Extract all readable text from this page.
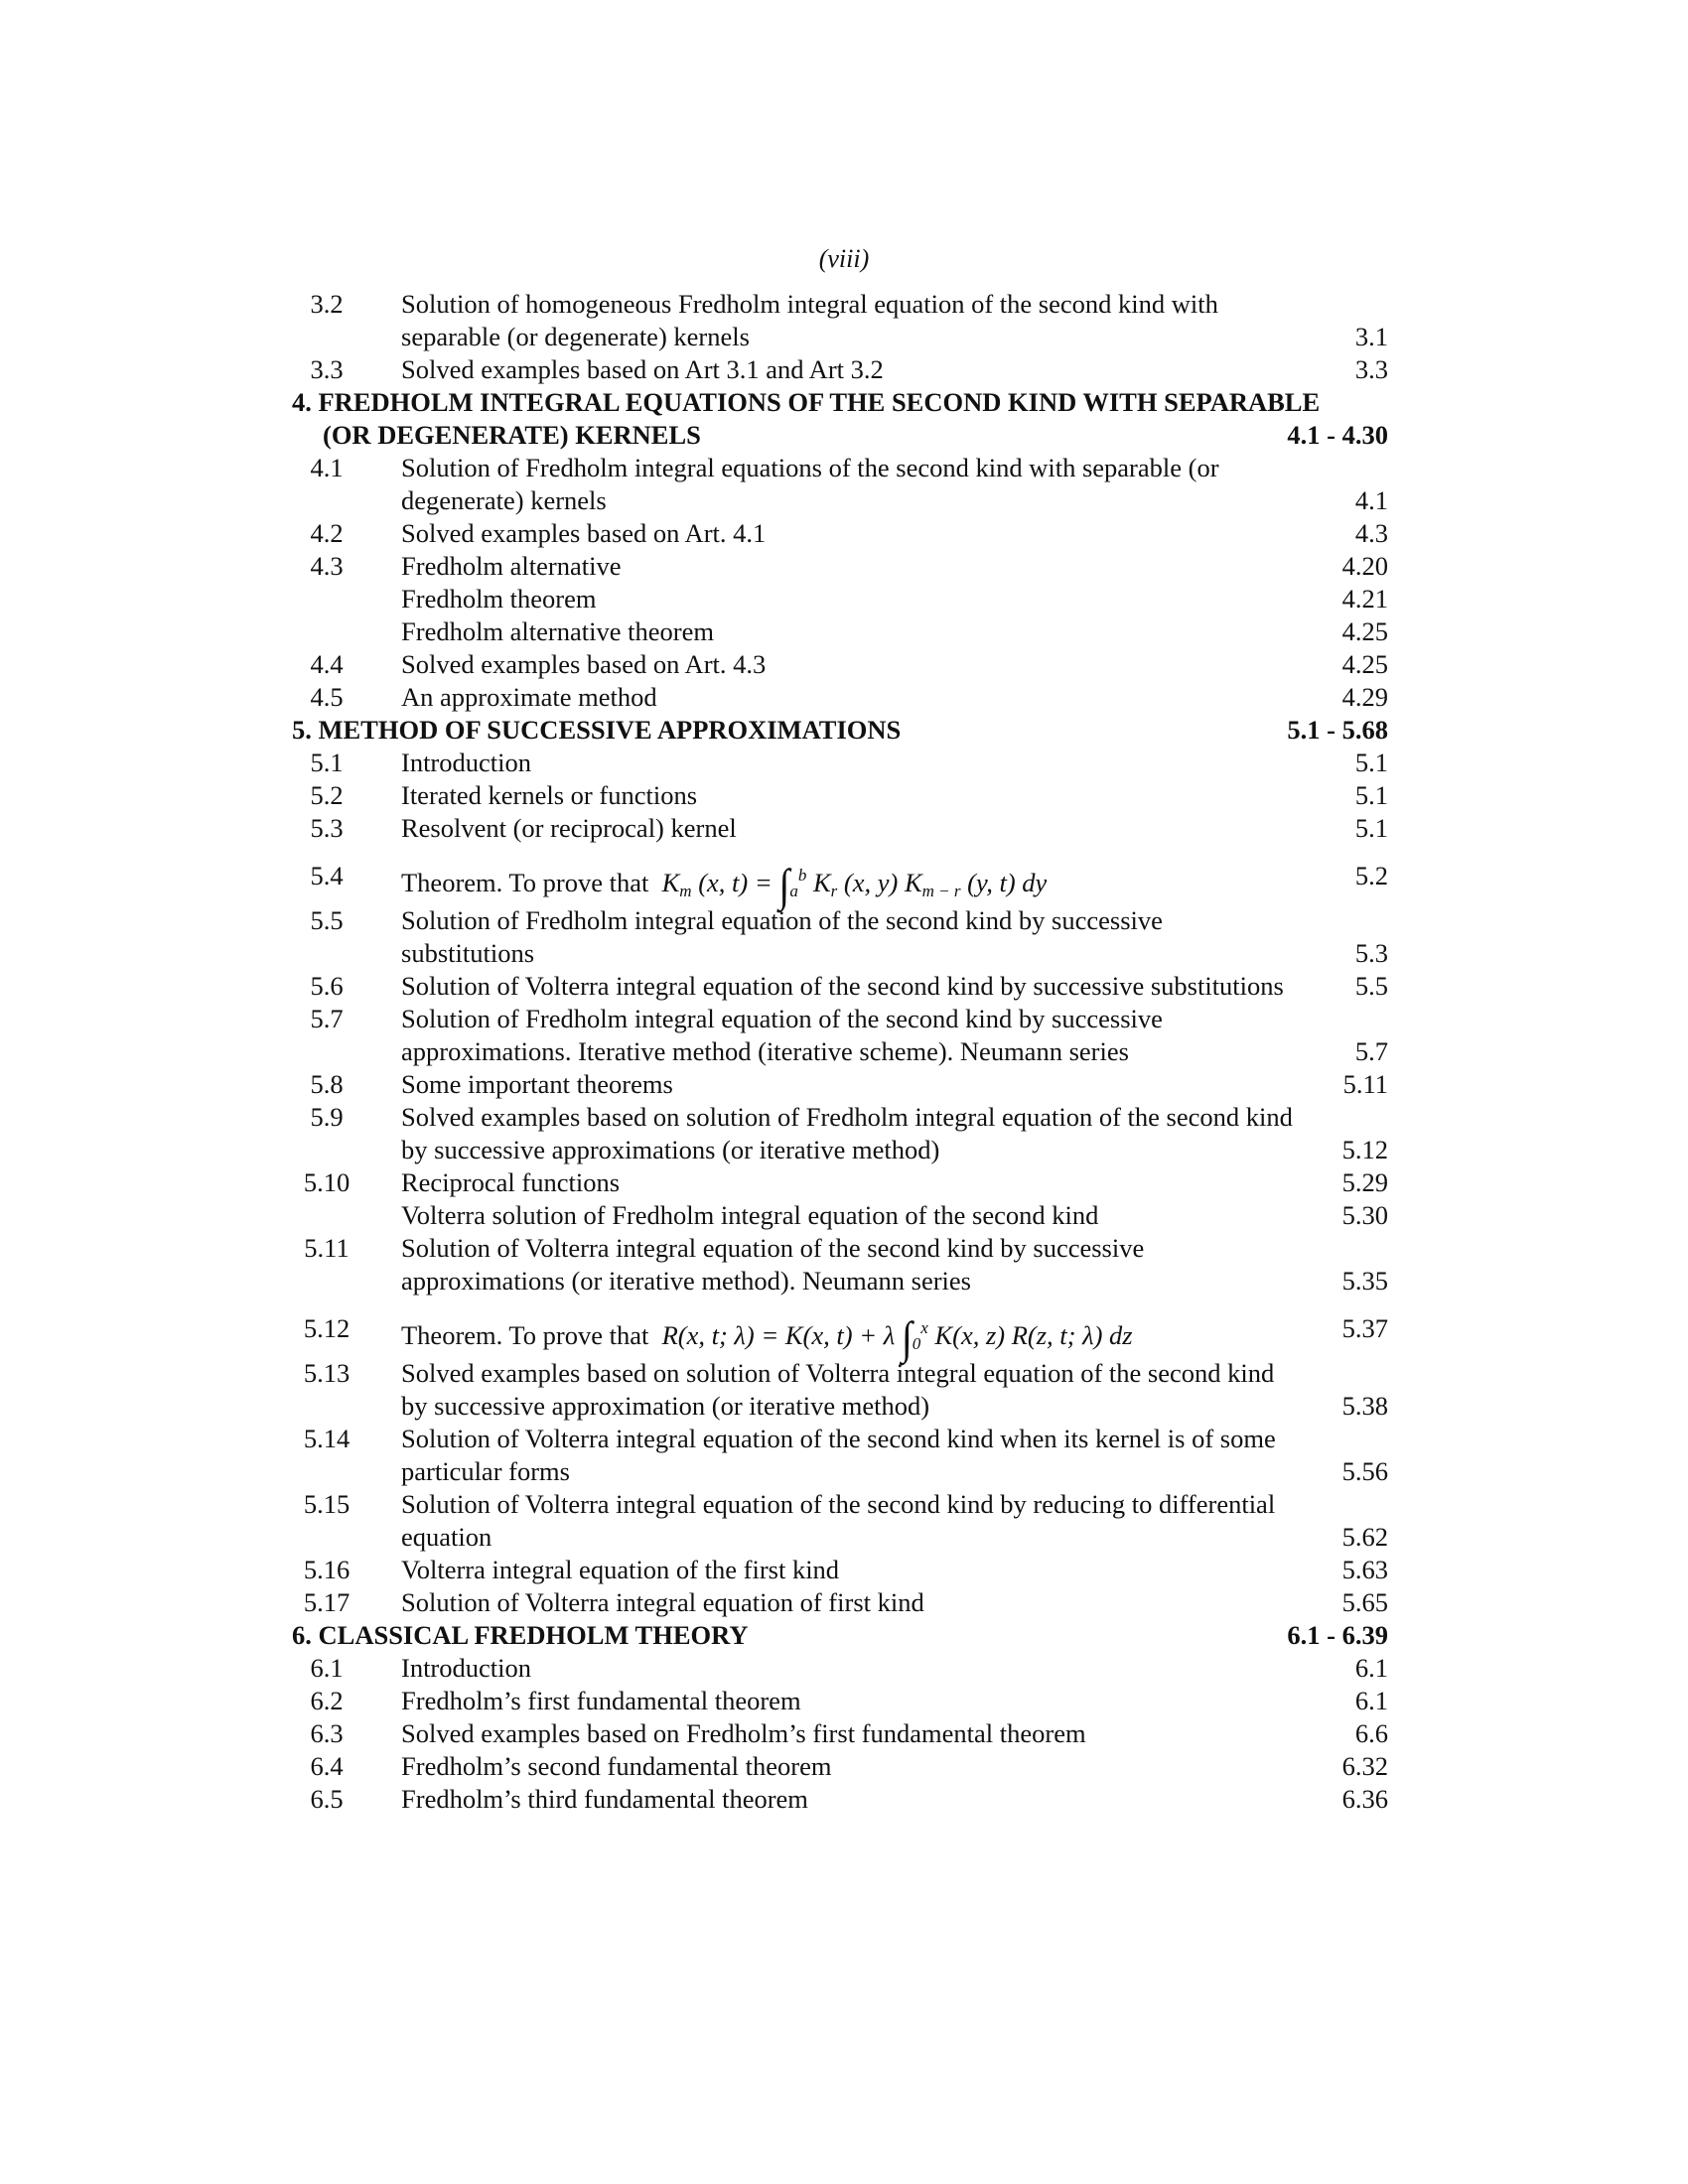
(viii)
3.2	Solution of homogeneous Fredholm integral equation of the second kind with
separable (or degenerate) kernels	3.1
3.3	Solved examples based on Art 3.1 and Art 3.2	3.3
4. FREDHOLM INTEGRAL EQUATIONS OF THE SECOND KIND WITH SEPARABLE
(OR DEGENERATE) KERNELS	4.1 - 4.30
4.1	Solution of Fredholm integral equations of the second kind with separable (or
degenerate) kernels	4.1
4.2	Solved examples based on Art. 4.1	4.3
4.3	Fredholm alternative	4.20
Fredholm theorem	4.21
Fredholm alternative theorem	4.25
4.4	Solved examples based on Art. 4.3	4.25
4.5	An approximate method	4.29
5. METHOD OF SUCCESSIVE APPROXIMATIONS	5.1 - 5.68
5.1	Introduction	5.1
5.2	Iterated kernels or functions	5.1
5.3	Resolvent (or reciprocal) kernel	5.1
5.4	Theorem. To prove that $K_m$ (x, $t) = \int_a^b$ $K_r$ (x, y) $K_{m - r}$ (y, t) dy	5.2
5.5	Solution of Fredholm integral equation of the second kind by successive
substitutions	5.3
5.6	Solution of Volterra integral equation of the second kind by successive substitutions	5.5
5.7	Solution of Fredholm integral equation of the second kind by successive
approximations. Iterative method (iterative scheme). Neumann series	5.7
5.8	Some important theorems	5.11
5.9	Solved examples based on solution of Fredholm integral equation of the second kind
by successive approximations (or iterative method)	5.12
5.10	Reciprocal functions	5.29
Volterra solution of Fredholm integral equation of the second kind	5.30
5.11	Solution of Volterra integral equation of the second kind by successive
approximations (or iterative method). Neumann series	5.35
5.12	Theorem. To prove that R(x, t; λ) = K(x, t) + λ $\int_0^x$ K(x, z) R(z, t; λ) dz	5.37
5.13	Solved examples based on solution of Volterra integral equation of the second kind
by successive approximation (or iterative method)	5.38
5.14	Solution of Volterra integral equation of the second kind when its kernel is of some
particular forms	5.56
5.15	Solution of Volterra integral equation of the second kind by reducing to differential
equation	5.62
5.16	Volterra integral equation of the first kind	5.63
5.17	Solution of Volterra integral equation of first kind	5.65
6. CLASSICAL FREDHOLM THEORY	6.1 - 6.39
6.1	Introduction	6.1
6.2	Fredholm’s first fundamental theorem	6.1
6.3	Solved examples based on Fredholm’s first fundamental theorem	6.6
6.4	Fredholm’s second fundamental theorem	6.32
6.5	Fredholm’s third fundamental theorem	6.36
